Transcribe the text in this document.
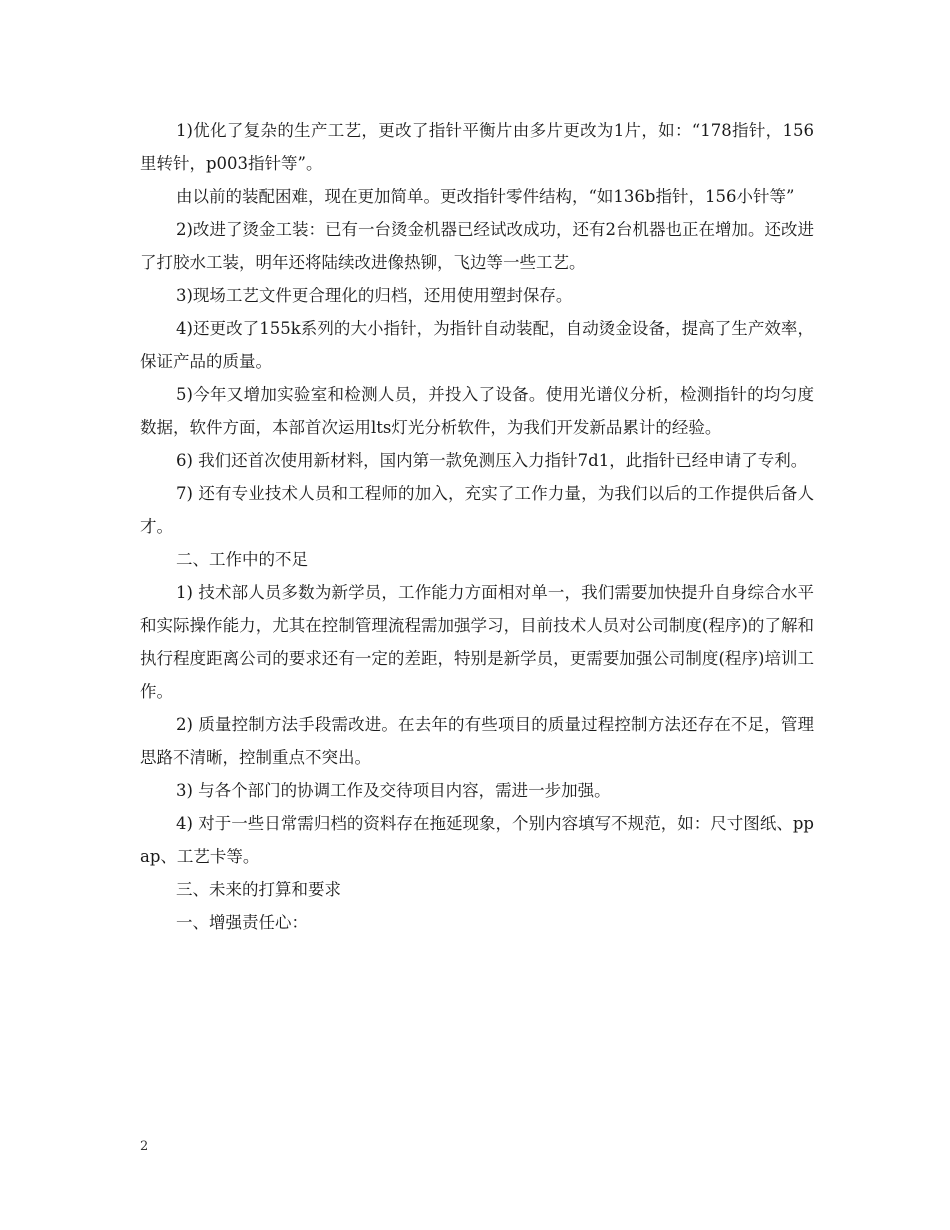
1)优化了复杂的生产工艺，更改了指针平衡片由多片更改为1片，如：“178指针，156里转针，p003指针等”。

由以前的装配困难，现在更加简单。更改指针零件结构，“如136b指针，156小针等”

2)改进了烫金工装：已有一台烫金机器已经试改成功，还有2台机器也正在增加。还改进了打胶水工装，明年还将陆续改进像热铆，飞边等一些工艺。

3)现场工艺文件更合理化的归档，还用使用塑封保存。

4)还更改了155k系列的大小指针，为指针自动装配，自动烫金设备，提高了生产效率，保证产品的质量。

5)今年又增加实验室和检测人员，并投入了设备。使用光谱仪分析，检测指针的均匀度数据，软件方面，本部首次运用lts灯光分析软件，为我们开发新品累计的经验。

6) 我们还首次使用新材料，国内第一款免测压入力指针7d1，此指针已经申请了专利。

7) 还有专业技术人员和工程师的加入，充实了工作力量，为我们以后的工作提供后备人才。

二、工作中的不足

1) 技术部人员多数为新学员，工作能力方面相对单一，我们需要加快提升自身综合水平和实际操作能力，尤其在控制管理流程需加强学习，目前技术人员对公司制度(程序)的了解和执行程度距离公司的要求还有一定的差距，特别是新学员，更需要加强公司制度(程序)培训工作。

2) 质量控制方法手段需改进。在去年的有些项目的质量过程控制方法还存在不足，管理思路不清晰，控制重点不突出。

3) 与各个部门的协调工作及交待项目内容，需进一步加强。

4) 对于一些日常需归档的资料存在拖延现象，个别内容填写不规范，如：尺寸图纸、ppap、工艺卡等。

三、未来的打算和要求

一、增强责任心：

2
